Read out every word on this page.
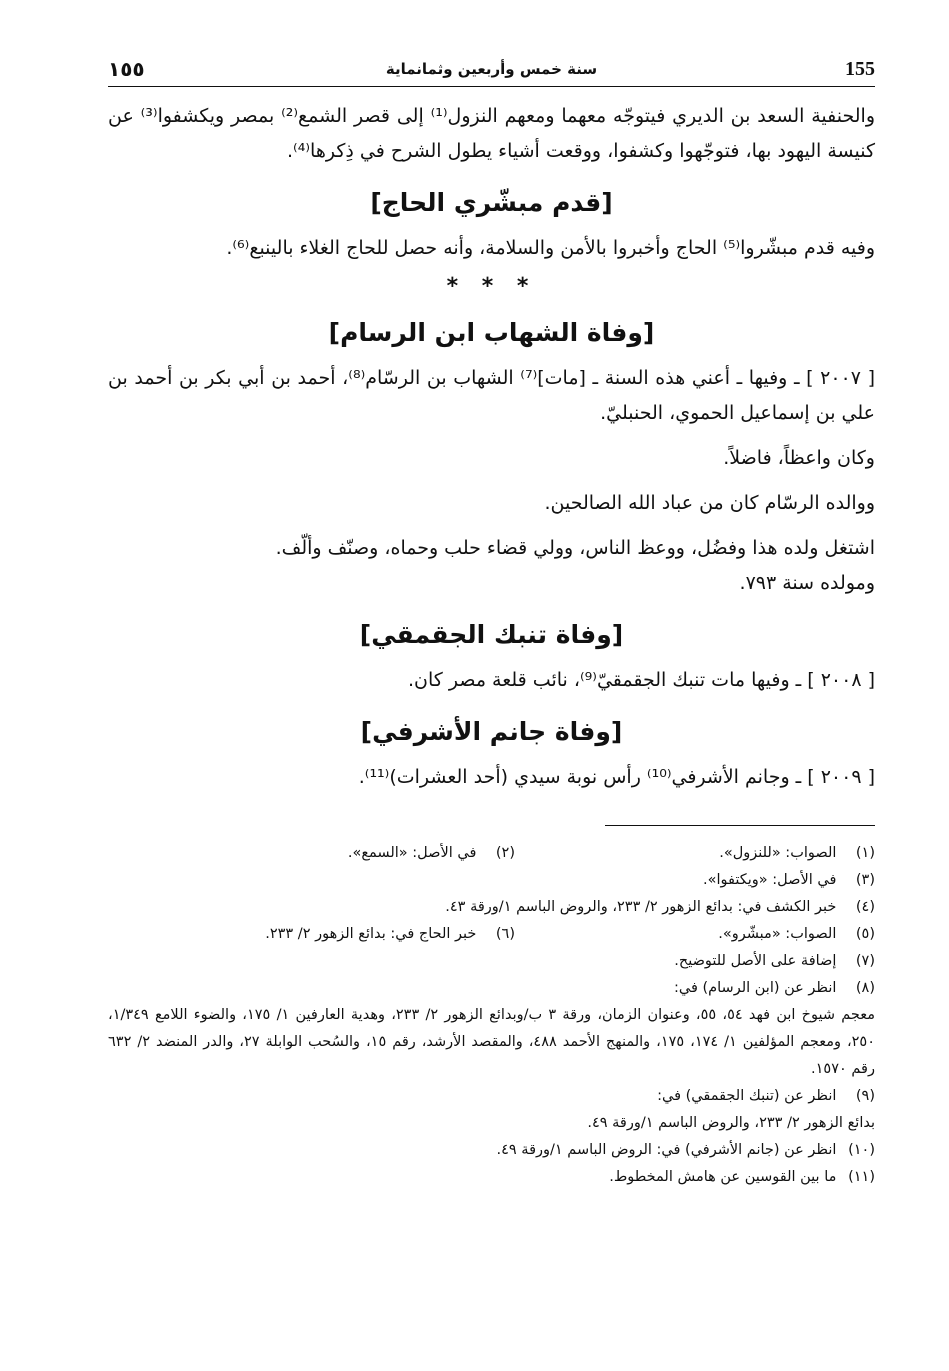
١٥٥	سنة خمس وأربعين وثمانماية	155

والحنفية السعد بن الديري فيتوجّه معهما ومعهم النزول⁽¹⁾ إلى قصر الشمع⁽²⁾ بمصر ويكشفوا⁽³⁾ عن كنيسة اليهود بها، فتوجّهوا وكشفوا، ووقعت أشياء يطول الشرح في ذِكرها⁽⁴⁾.

[قدم مبشّري الحاج]

وفيه قدم مبشّروا⁽⁵⁾ الحاج وأخبروا بالأمن والسلامة، وأنه حصل للحاج الغلاء بالينبع⁽⁶⁾.

* * *
[وفاة الشهاب ابن الرسام]

[ ٢٠٠٧ ] ـ وفيها ـ أعني هذه السنة ـ [مات]⁽⁷⁾ الشهاب بن الرسّام⁽⁸⁾، أحمد بن أبي بكر بن أحمد بن علي بن إسماعيل الحموي، الحنبليّ.

وكان واعظاً، فاضلاً.

ووالده الرسّام كان من عباد الله الصالحين.

اشتغل ولده هذا وفضُل، ووعظ الناس، وولي قضاء حلب وحماه، وصنّف وألّف.

ومولده سنة ٧٩٣.

[وفاة تنبك الجقمقي]

[ ٢٠٠٨ ] ـ وفيها مات تنبك الجقمقيّ⁽⁹⁾، نائب قلعة مصر كان.

[وفاة جانم الأشرفي]

[ ٢٠٠٩ ] ـ وجانم الأشرفي⁽¹⁰⁾ رأس نوبة سيدي (أحد العشرات)⁽¹¹⁾.

(١) الصواب: «للنزول».
(٢) في الأصل: «السمع».
(٣) في الأصل: «ويكتفوا».
(٤) خبر الكشف في: بدائع الزهور ٢/ ٢٣٣، والروض الباسم ١/ورقة ٤٣.
(٥) الصواب: «مبشّرو».
(٦) خبر الحاج في: بدائع الزهور ٢/ ٢٣٣.
(٧) إضافة على الأصل للتوضيح.
(٨) انظر عن (ابن الرسام) في:
معجم شيوخ ابن فهد ٥٤، ٥٥، وعنوان الزمان، ورقة ٣ ب/وبدائع الزهور ٢/ ٢٣٣، وهدية العارفين ١/ ١٧٥، والضوء اللامع ١/٣٤٩، ٢٥٠، ومعجم المؤلفين ١/ ١٧٤، ١٧٥، والمنهج الأحمد ٤٨٨، والمقصد الأرشد، رقم ١٥، والسُحب الوابلة ٢٧، والدر المنضد ٢/ ٦٣٢ رقم ١٥٧٠.
(٩) انظر عن (تنبك الجقمقي) في:
بدائع الزهور ٢/ ٢٣٣، والروض الباسم ١/ورقة ٤٩.
(١٠) انظر عن (جانم الأشرفي) في: الروض الباسم ١/ورقة ٤٩.
(١١) ما بين القوسين عن هامش المخطوط.
